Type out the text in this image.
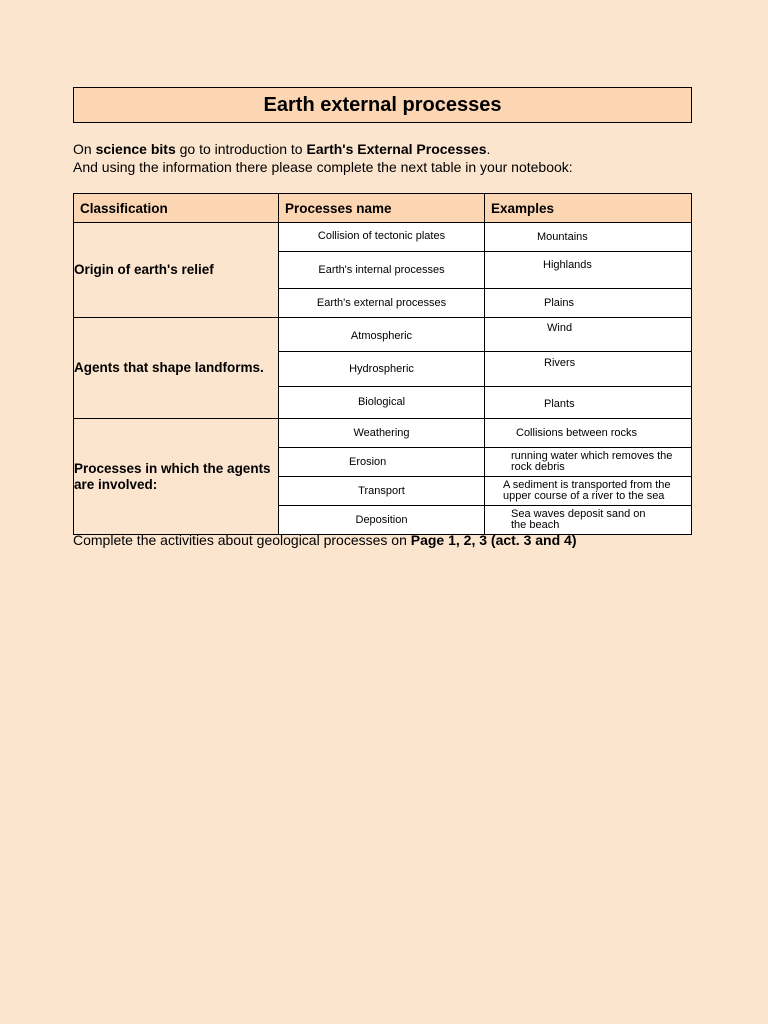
Earth external processes
On science bits go to introduction to Earth's External Processes.
And using the information there please complete the next table in your notebook:
Classification	Processes name	Examples
Origin of earth's relief	Collision of tectonic plates	Mountains
	Earth's internal processes	Highlands
	Earth's external processes	Plains
Agents that shape landforms.	Atmospheric	Wind
	Hydrospheric	Rivers
	Biological	Plants
Processes in which the agents are involved:	Weathering	Collisions between rocks
	Erosion	running water which removes the rock debris
	Transport	A sediment is transported from the upper course of a river to the sea
	Deposition	Sea waves deposit sand on the beach
Complete the activities about geological processes on Page 1, 2, 3 (act. 3 and 4)
